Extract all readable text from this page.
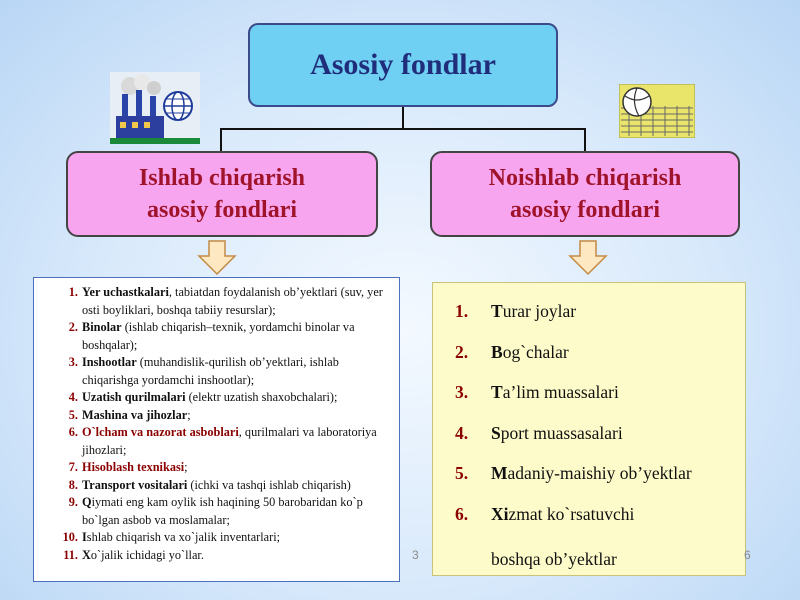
Asosiy fondlar
Ishlab chiqarish
asosiy fondlari
Noishlab chiqarish
asosiy fondlari
1. Yer uchastkalari, tabiatdan foydalanish ob’yektlari (suv, yer osti boyliklari, boshqa tabiiy resurslar);
2. Binolar (ishlab chiqarish–texnik, yordamchi binolar va boshqalar);
3. Inshootlar (muhandislik-qurilish ob’yektlari, ishlab chiqarishga yordamchi inshootlar);
4. Uzatish qurilmalari (elektr uzatish shaxobchalari);
5. Mashina va jihozlar;
6. O`lcham va nazorat asboblari, qurilmalari va laboratoriya jihozlari;
7. Hisoblash texnikasi;
8. Transport vositalari (ichki va tashqi ishlab chiqarish)
9. Qiymati eng kam oylik ish haqining 50 barobaridan ko`p bo`lgan asbob va moslamalar;
10. Ishlab chiqarish va xo`jalik inventarlari;
11. Xo`jalik ichidagi yo`llar.
1. Turar joylar
2. Bog`chalar
3. Ta’lim muassalari
4. Sport muassasalari
5. Madaniy-maishiy ob’yektlar
6. Xizmat ko`rsatuvchi
boshqa ob’yektlar
3	6
